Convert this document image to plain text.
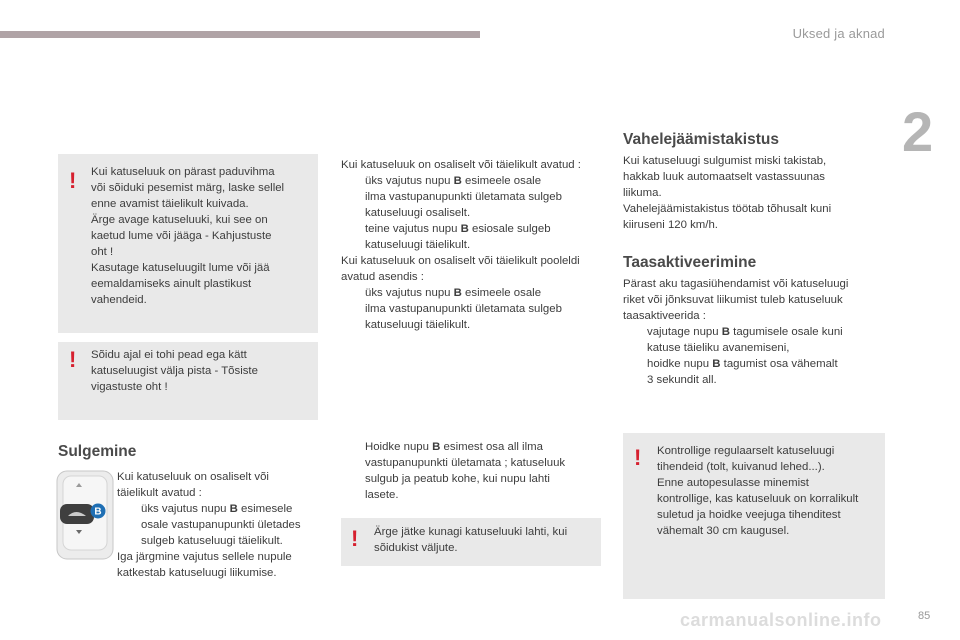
Uksed ja aknad
2
! Kui katuseluuk on pärast paduvihma

või sõiduki pesemist märg, laske sellel

enne avamist täielikult kuivada.

Ärge avage katuseluuki, kui see on

kaetud lume või jääga - Kahjustuste

oht !

Kasutage katuseluugilt lume või jää

eemaldamiseks ainult plastikust

vahendeid.

! Sõidu ajal ei tohi pead ega kätt

katuseluugist välja pista - Tõsiste

vigastuste oht !

Sulgemine
B

Kui katuseluuk on osaliselt või

täielikult avatud :

üks vajutus nupu B esimesele
osale vastupanupunkti ületades
sulgeb katuseluugi täielikult.

Iga järgmine vajutus sellele nupule

katkestab katuseluugi liikumise.

Kui katuseluuk on osaliselt või täielikult avatud :

üks vajutus nupu B esimeele osale
ilma vastupanupunkti ületamata sulgeb
katuseluugi osaliselt.
teine vajutus nupu B esiosale sulgeb
katuseluugi täielikult.

Kui katuseluuk on osaliselt või täielikult pooleldi

avatud asendis :

üks vajutus nupu B esimeele osale
ilma vastupanupunkti ületamata sulgeb
katuseluugi täielikult.
Hoidke nupu B esimest osa all ilma
vastupanupunkti ületamata ; katuseluuk
sulgub ja peatub kohe, kui nupu lahti
lasete.
! Ärge jätke kunagi katuseluuki lahti, kui

sõidukist väljute.

Vahelejäämistakistus

Kui katuseluugi sulgumist miski takistab,

hakkab luuk automaatselt vastassuunas

liikuma.

Vahelejäämistakistus töötab tõhusalt kuni

kiiruseni 120 km/h.

Taasaktiveerimine

Pärast aku tagasiühendamist või katuseluugi

riket või jõnksuvat liikumist tuleb katuseluuk

taasaktiveerida :

vajutage nupu B tagumisele osale kuni
katuse täieliku avanemiseni,
hoidke nupu B tagumist osa vähemalt
3 sekundit all.
! Kontrollige regulaarselt katuseluugi

tihendeid (tolt, kuivanud lehed...).

Enne autopesulasse minemist

kontrollige, kas katuseluuk on korralikult

suletud ja hoidke veejuga tihenditest

vähemalt 30 cm kaugusel.

carmanualsonline.info	85
